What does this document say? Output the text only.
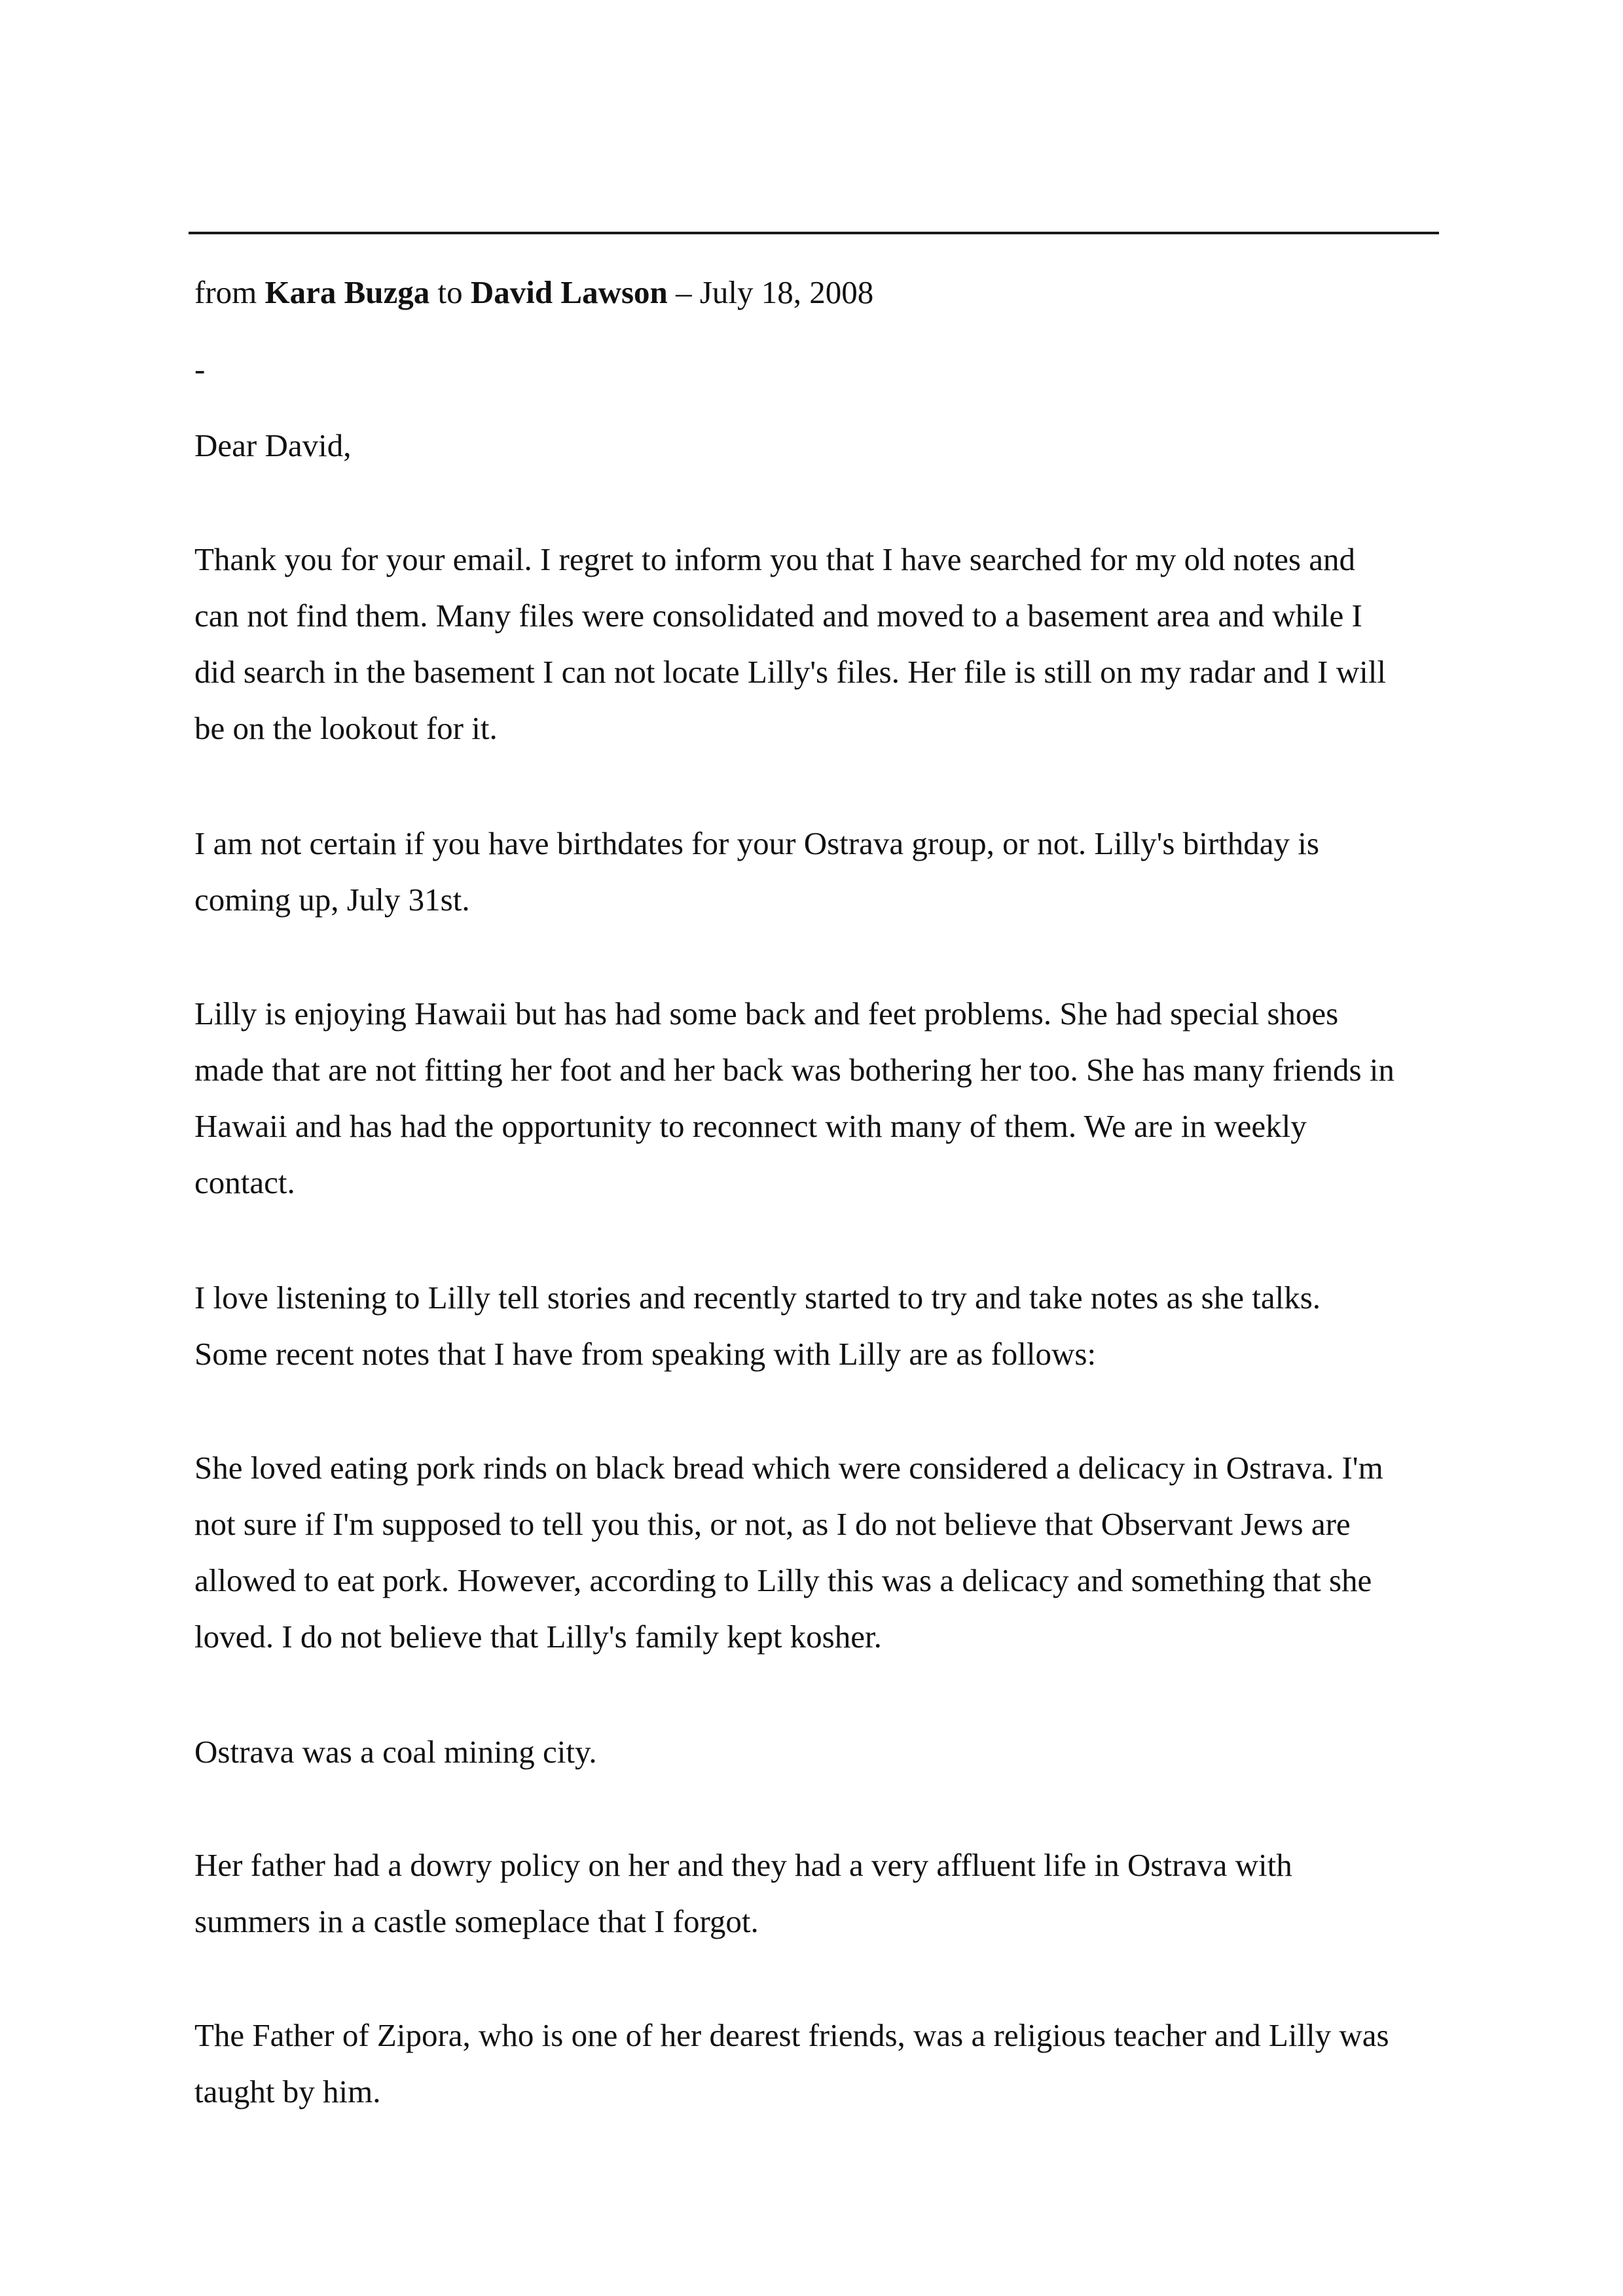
from Kara Buzga to David Lawson – July 18, 2008
-
Dear David,
Thank you for your email. I regret to inform you that I have searched for my old notes and
can not find them. Many files were consolidated and moved to a basement area and while I
did search in the basement I can not locate Lilly's files. Her file is still on my radar and I will
be on the lookout for it.
I am not certain if you have birthdates for your Ostrava group, or not. Lilly's birthday is
coming up, July 31st.
Lilly is enjoying Hawaii but has had some back and feet problems. She had special shoes
made that are not fitting her foot and her back was bothering her too. She has many friends in
Hawaii and has had the opportunity to reconnect with many of them. We are in weekly
contact.
I love listening to Lilly tell stories and recently started to try and take notes as she talks.
Some recent notes that I have from speaking with Lilly are as follows:
She loved eating pork rinds on black bread which were considered a delicacy in Ostrava. I'm
not sure if I'm supposed to tell you this, or not, as I do not believe that Observant Jews are
allowed to eat pork. However, according to Lilly this was a delicacy and something that she
loved. I do not believe that Lilly's family kept kosher.
Ostrava was a coal mining city.
Her father had a dowry policy on her and they had a very affluent life in Ostrava with
summers in a castle someplace that I forgot.
The Father of Zipora, who is one of her dearest friends, was a religious teacher and Lilly was
taught by him.
